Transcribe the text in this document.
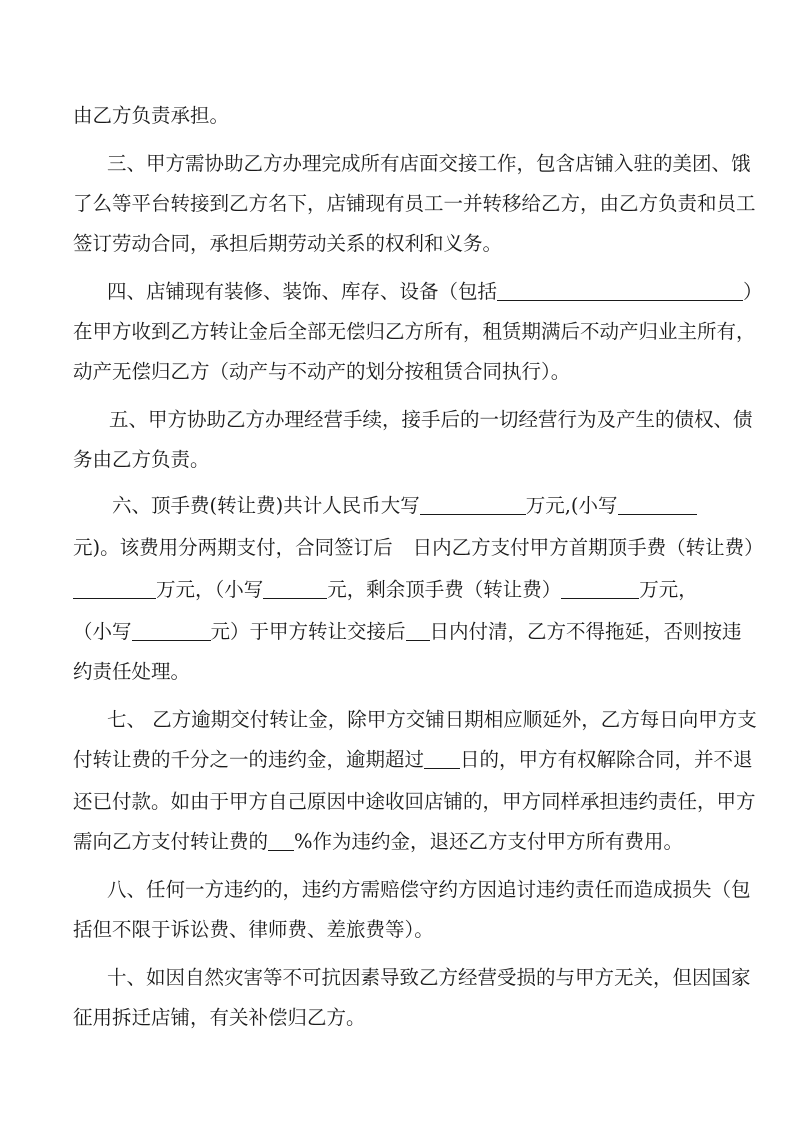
由乙方负责承担。
三、甲方需协助乙方办理完成所有店面交接工作，包含店铺入驻的美团、饿
了么等平台转接到乙方名下，店铺现有员工一并转移给乙方，由乙方负责和员工
签订劳动合同，承担后期劳动关系的权利和义务。
四、店铺现有装修、装饰、库存、设备（包括	）
在甲方收到乙方转让金后全部无偿归乙方所有，租赁期满后不动产归业主所有，
动产无偿归乙方（动产与不动产的划分按租赁合同执行）。
五、甲方协助乙方办理经营手续，接手后的一切经营行为及产生的债权、债
务由乙方负责。
六、顶手费(转让费)共计人民币大写	万元,(小写
元)。该费用分两期支付，合同签订后 日内乙方支付甲方首期顶手费（转让费）
万元，（小写	元，剩余顶手费（转让费）	万元，
（小写	元）于甲方转让交接后 日内付清，乙方不得拖延，否则按违
约责任处理。
七、 乙方逾期交付转让金，除甲方交铺日期相应顺延外，乙方每日向甲方支
付转让费的千分之一的违约金，逾期超过 日的，甲方有权解除合同，并不退
还已付款。如由于甲方自己原因中途收回店铺的，甲方同样承担违约责任，甲方
需向乙方支付转让费的 %作为违约金，退还乙方支付甲方所有费用。
八、任何一方违约的，违约方需赔偿守约方因追讨违约责任而造成损失（包
括但不限于诉讼费、律师费、差旅费等）。
十、如因自然灾害等不可抗因素导致乙方经营受损的与甲方无关，但因国家
征用拆迁店铺，有关补偿归乙方。
